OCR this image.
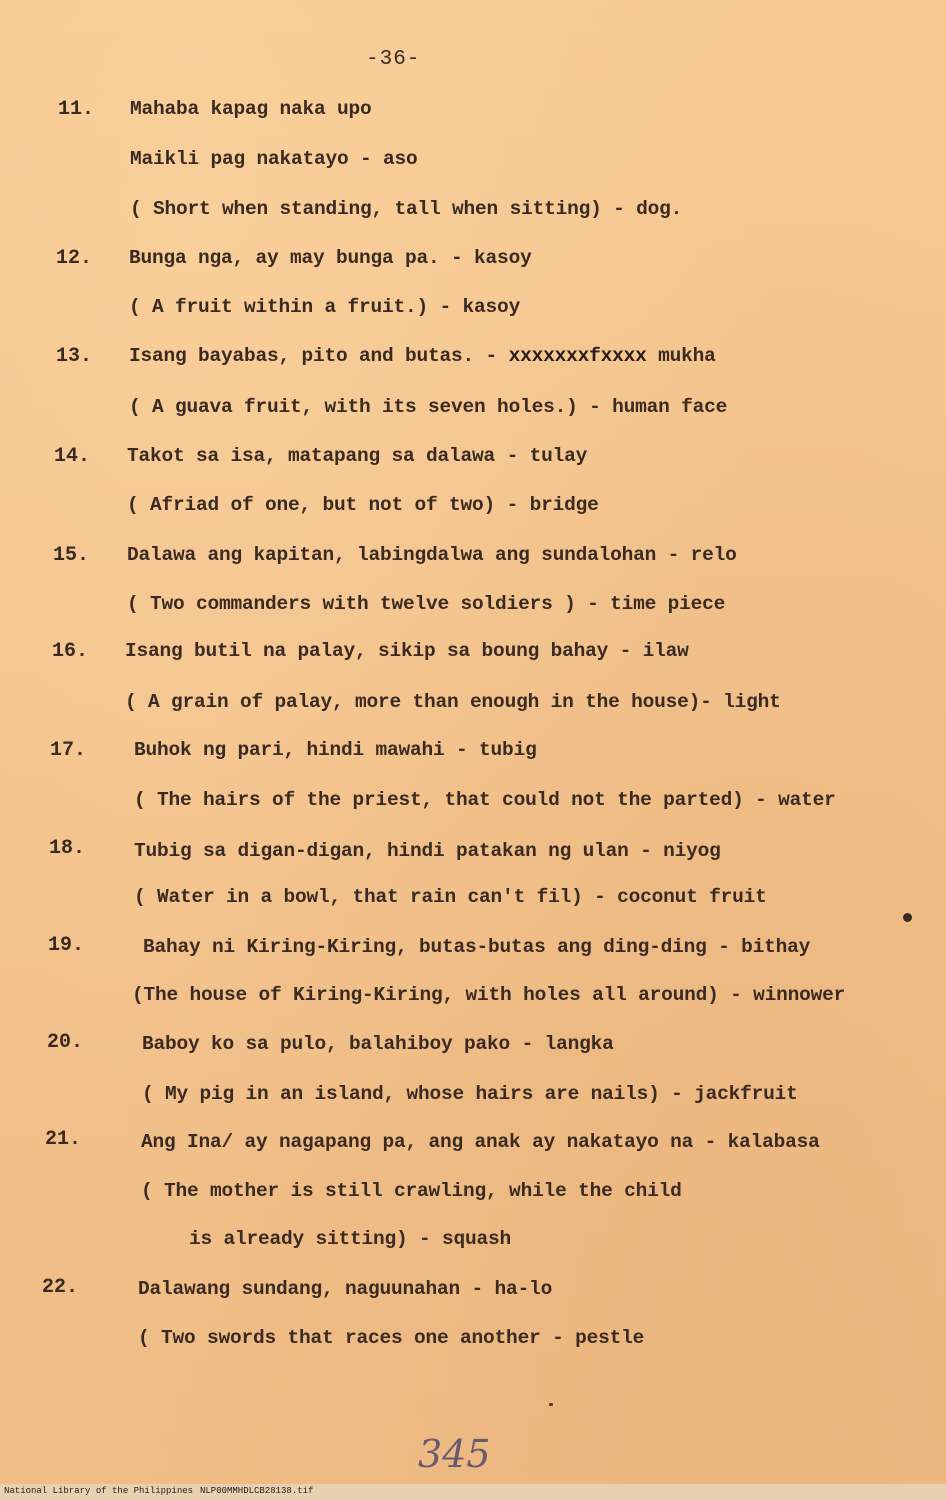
-36-
11. Mahaba kapag naka upo
Maikli pag nakatayo - aso
( Short when standing, tall when sitting) - dog.
12. Bunga nga, ay may bunga pa. - kasoy
( A fruit within a fruit.) - kasoy
13. Isang bayabas, pito and butas. - xxxxxxxfxxxx mukha
( A guava fruit, with its seven holes.) - human face
14. Takot sa isa, matapang sa dalawa - tulay
( Afriad of one, but not of two) - bridge
15. Dalawa ang kapitan, labingdalwa ang sundalohan - relo
( Two commanders with twelve soldiers ) - time piece
16. Isang butil na palay, sikip sa boung bahay - ilaw
( A grain of palay, more than enough in the house)- light
17. Buhok ng pari, hindi mawahi - tubig
( The hairs of the priest, that could not the parted) - water
18.	Tubig sa digan-digan, hindi patakan ng ulan - niyog
( Water in a bowl, that rain can't fil) - coconut fruit
19.	Bahay ni Kiring-Kiring, butas-butas ang ding-ding - bithay
(The house of Kiring-Kiring, with holes all around) - winnower
20.	Baboy ko sa pulo, balahiboy pako - langka
( My pig in an island, whose hairs are nails) - jackfruit
21.	Ang Ina/ ay nagapang pa, ang anak ay nakatayo na - kalabasa
( The mother is still crawling, while the child
is already sitting) - squash
22.	Dalawang sundang, naguunahan - ha-lo
( Two swords that races one another - pestle
345
National Library of the Philippines NLP00MMHDLCB28138.tif
